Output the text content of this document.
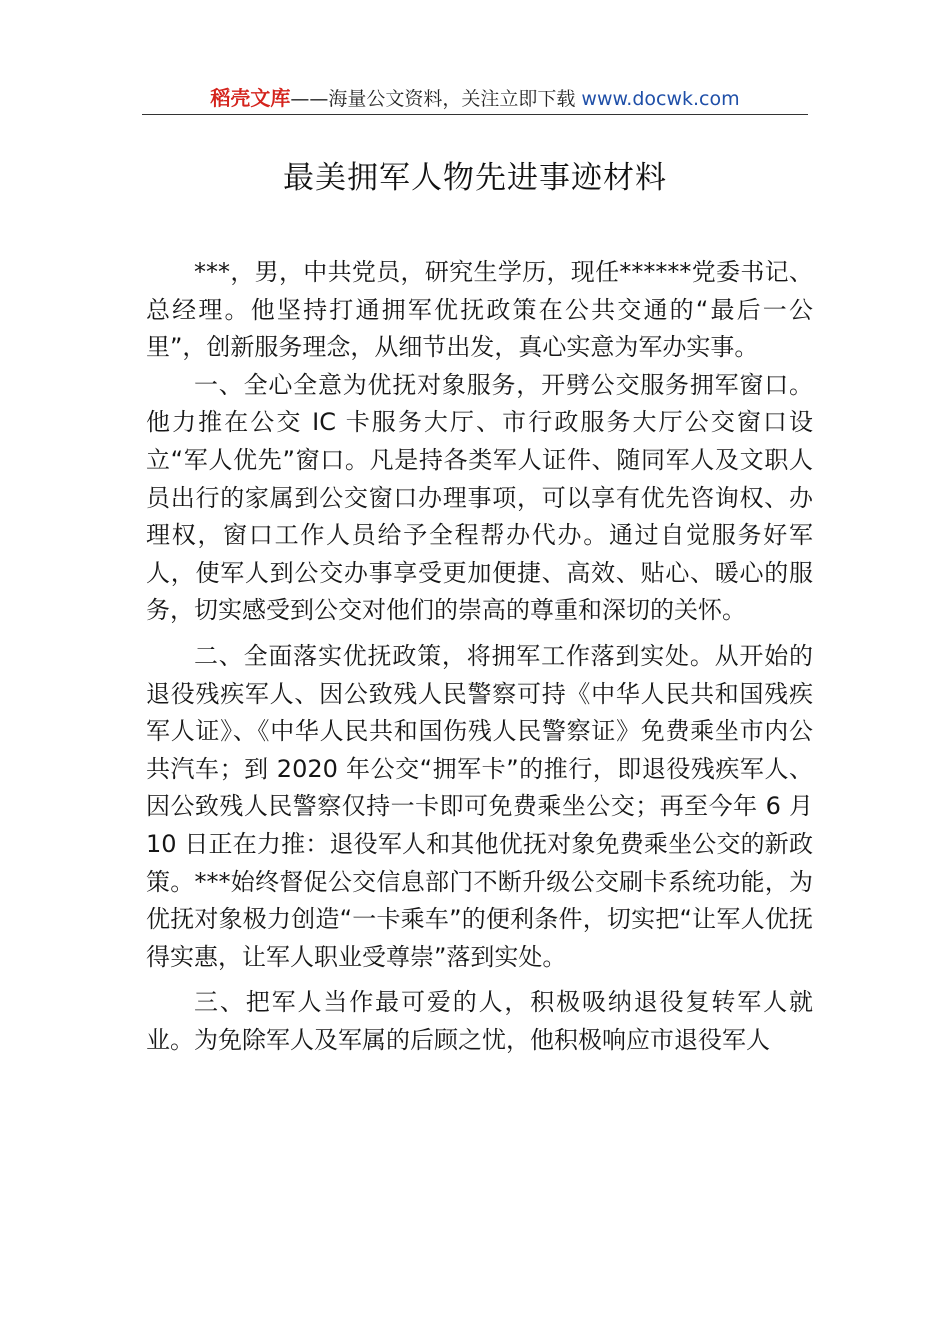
稻壳文库——海量公文资料，关注立即下载 www.docwk.com
最美拥军人物先进事迹材料

***，男，中共党员，研究生学历，现任******党委书记、总经理。他坚持打通拥军优抚政策在公共交通的“最后一公里”，创新服务理念，从细节出发，真心实意为军办实事。

一、全心全意为优抚对象服务，开劈公交服务拥军窗口。他力推在公交 IC 卡服务大厅、市行政服务大厅公交窗口设立“军人优先”窗口。凡是持各类军人证件、随同军人及文职人员出行的家属到公交窗口办理事项，可以享有优先咨询权、办理权，窗口工作人员给予全程帮办代办。通过自觉服务好军人，使军人到公交办事享受更加便捷、高效、贴心、暖心的服务，切实感受到公交对他们的崇高的尊重和深切的关怀。

二、全面落实优抚政策，将拥军工作落到实处。从开始的退役残疾军人、因公致残人民警察可持《中华人民共和国残疾军人证》、《中华人民共和国伤残人民警察证》免费乘坐市内公共汽车；到 2020 年公交“拥军卡”的推行，即退役残疾军人、因公致残人民警察仅持一卡即可免费乘坐公交；再至今年 6 月 10 日正在力推：退役军人和其他优抚对象免费乘坐公交的新政策。***始终督促公交信息部门不断升级公交刷卡系统功能，为优抚对象极力创造“一卡乘车”的便利条件，切实把“让军人优抚得实惠，让军人职业受尊崇”落到实处。

三、把军人当作最可爱的人，积极吸纳退役复转军人就业。为免除军人及军属的后顾之忧，他积极响应市退役军人
